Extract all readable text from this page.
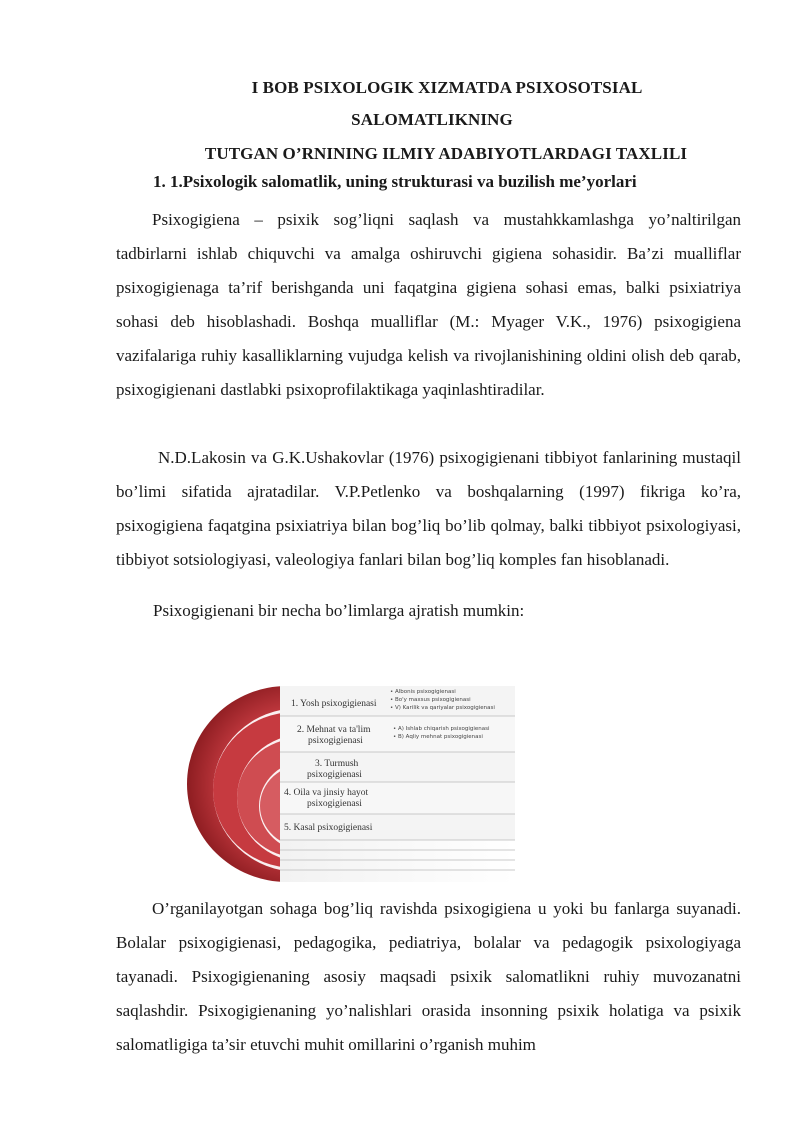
I BOB PSIXOLOGIK XIZMATDA PSIXOSOTSIAL
SALOMATLIKNING
TUTGAN O’RNINING ILMIY ADABIYOTLARDAGI TAXLILI
1. 1.Psixologik salomatlik, uning strukturasi va buzilish me’yorlari

Psixogigiena – psixik sog’liqni saqlash va mustahkkamlashga yo’naltirilgan tadbirlarni ishlab chiquvchi va amalga oshiruvchi gigiena sohasidir. Ba’zi mualliflar psixogigienaga ta’rif berishganda uni faqatgina gigiena sohasi emas, balki psixiatriya sohasi deb hisoblashadi. Boshqa mualliflar (M.: Myager V.K., 1976) psixogigiena vazifalariga ruhiy kasalliklarning vujudga kelish va rivojlanishining oldini olish deb qarab, psixogigienani dastlabki psixoprofilaktikaga yaqinlashtiradilar.

N.D.Lakosin va G.K.Ushakovlar (1976) psixogigienani tibbiyot fanlarining mustaqil bo’limi sifatida ajratadilar. V.P.Petlenko va boshqalarning (1997) fikriga ko’ra, psixogigiena faqatgina psixiatriya bilan bog’liq bo’lib qolmay, balki tibbiyot psixologiyasi, tibbiyot sotsiologiyasi, valeologiya fanlari bilan bog’liq komples fan hisoblanadi.

Psixogigienani bir necha bo’limlarga ajratish mumkin:

1. Yosh psixogigienasi
2. Mehnat va ta'lim psixogigienasi
3. Turmush psixogigienasi
4. Oila va jinsiy hayot psixogigienasi
5. Kasal psixogigienasi
• Albonis psixogigienasi
• Bo'y maxsus psixogigienasi
• V) Karilik va qariyalar psixogigienasi
• A) Ishlab chiqarish psixogigienasi
• B) Aqliy mehnat psixogigienasi

O’rganilayotgan sohaga bog’liq ravishda psixogigiena u yoki bu fanlarga suyanadi. Bolalar psixogigienasi, pedagogika, pediatriya, bolalar va pedagogik psixologiyaga tayanadi. Psixogigienaning asosiy maqsadi psixik salomatlikni ruhiy muvozanatni saqlashdir. Psixogigienaning yo’nalishlari orasida insonning psixik holatiga va psixik salomatligiga ta’sir etuvchi muhit omillarini o’rganish muhim
